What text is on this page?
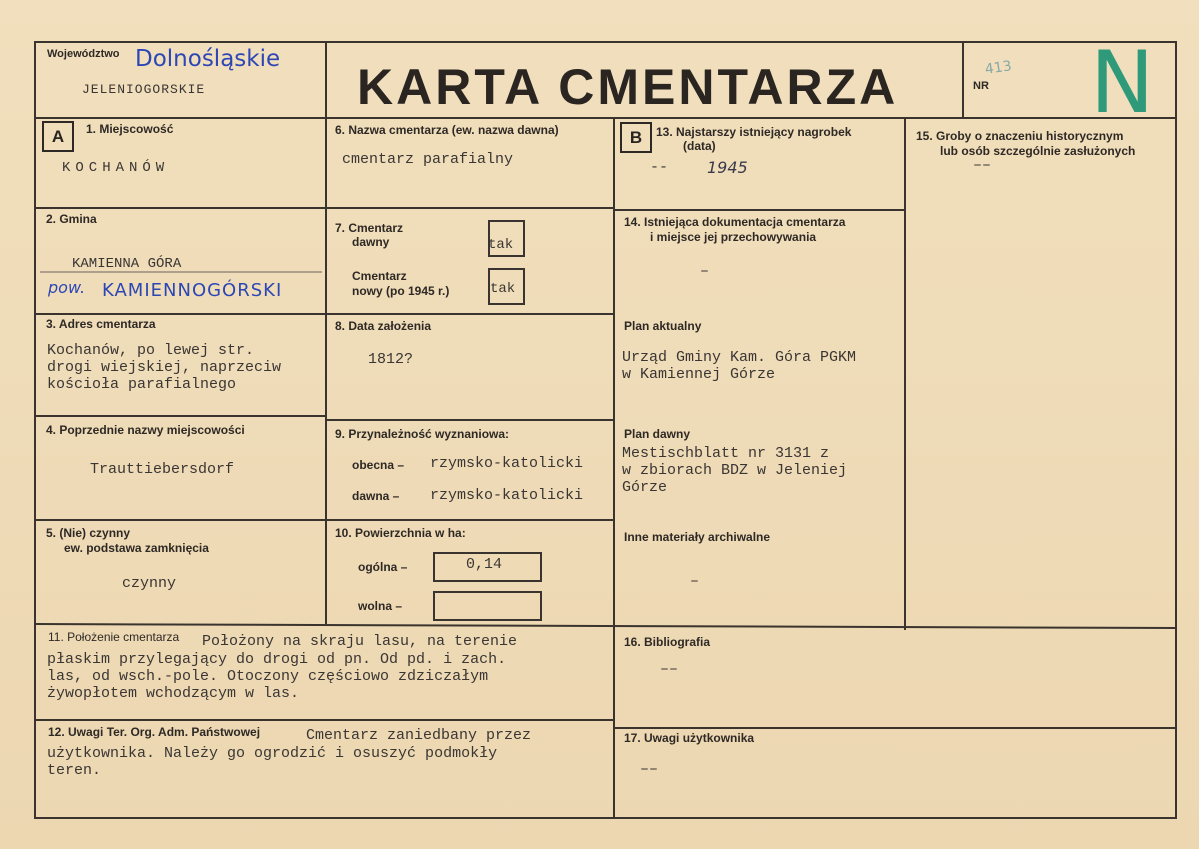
Województwo Dolnośląskie
JELENIOGORSKIE	KARTA CMENTARZA	NR
413 N
A	1. Miejscowość
KOCHANÓW
2. Gmina
KAMIENNA GÓRA
pow. KAMIENNOGÓRSKI
3. Adres cmentarza
Kochanów, po lewej str.
drogi wiejskiej, naprzeciw
kościoła parafialnego
4. Poprzednie nazwy miejscowości
Trauttiebersdorf
5. (Nie) czynny
ew. podstawa zamknięcia
czynny
6. Nazwa cmentarza (ew. nazwa dawna)
cmentarz parafialny
7. Cmentarz
dawny	tak
Cmentarz
nowy (po 1945 r.)	tak
8. Data założenia
1812?
9. Przynależność wyznaniowa:
obecna – rzymsko-katolicki
dawna – rzymsko-katolicki
10. Powierzchnia w ha:
ogólna –	0,14
wolna –
B	13. Najstarszy istniejący nagrobek
(data)
-- 1945
14. Istniejąca dokumentacja cmentarza
i miejsce jej przechowywania
–
Plan aktualny
Urząd Gminy Kam. Góra PGKM
w Kamiennej Górze
Plan dawny
Mestischblatt nr 3131 z
w zbiorach BDZ w Jeleniej
Górze
Inne materiały archiwalne
–
15. Groby o znaczeniu historycznym
lub osób szczególnie zasłużonych
––
11. Położenie cmentarza Położony na skraju lasu, na terenie
płaskim przylegający do drogi od pn. Od pd. i zach.
las, od wsch.-pole. Otoczony częściowo zdziczałym
żywopłotem wchodzącym w las.
12. Uwagi Ter. Org. Adm. Państwowej	Cmentarz zaniedbany przez
użytkownika. Należy go ogrodzić i osuszyć podmokły
teren.
16. Bibliografia
––
17. Uwagi użytkownika
––
